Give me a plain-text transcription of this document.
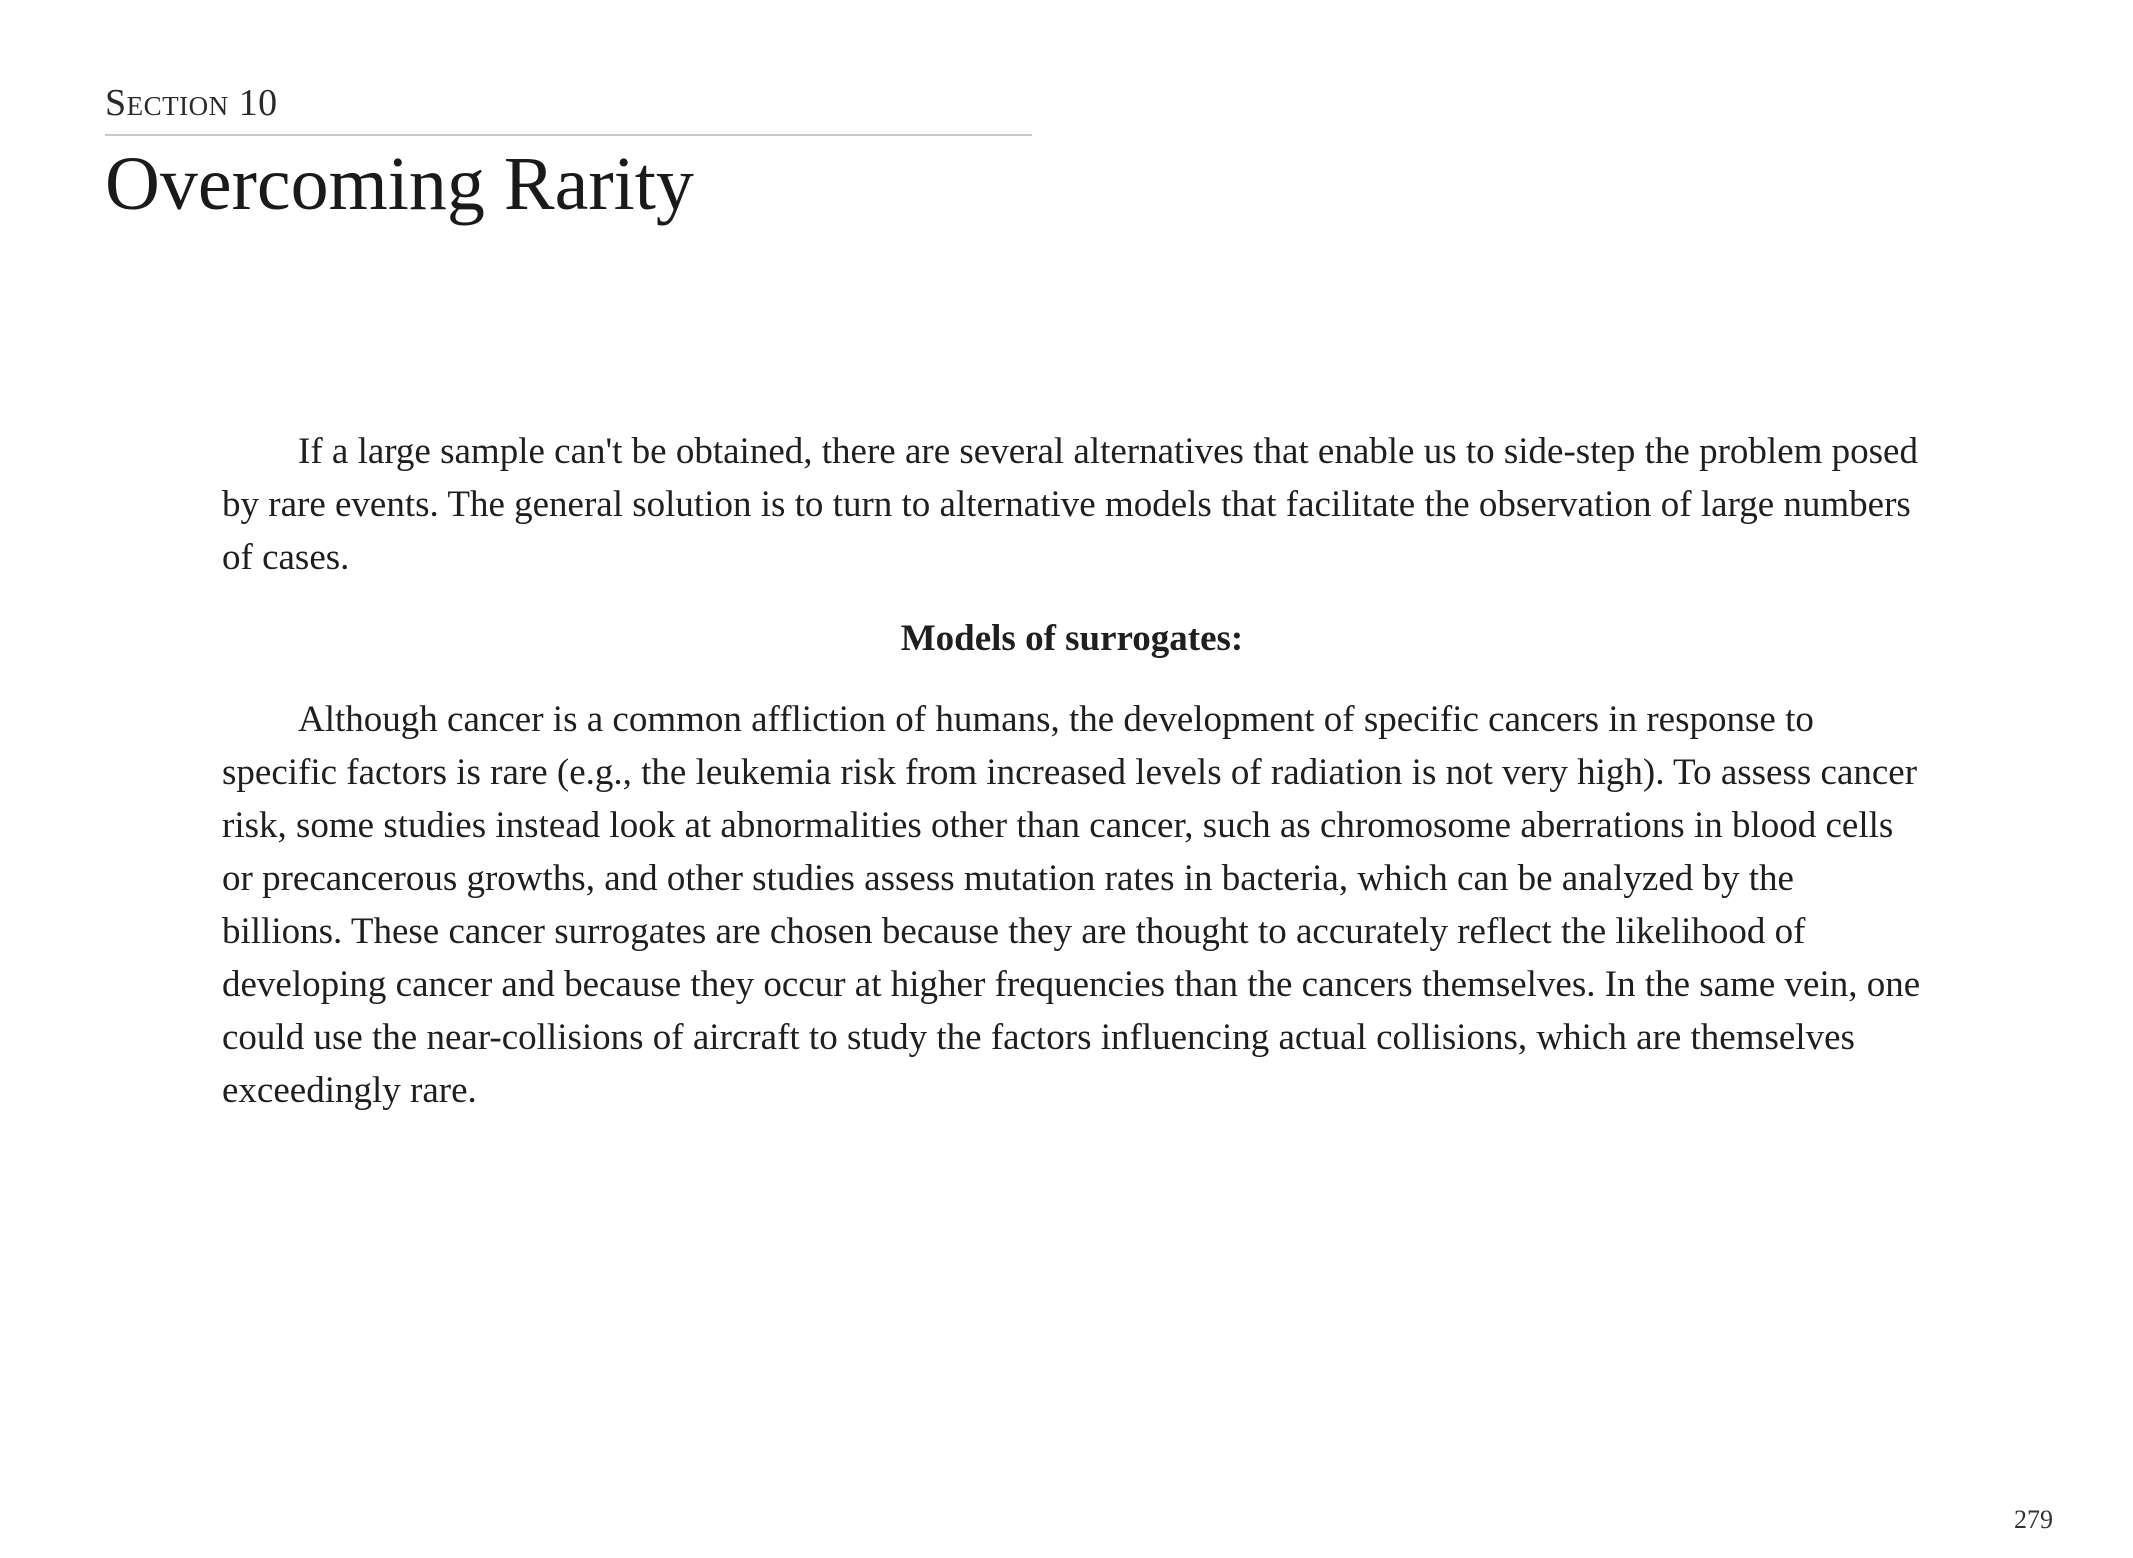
Section 10
Overcoming Rarity

If a large sample can't be obtained, there are several alternatives that enable us to side-step the problem posed by rare events. The general solution is to turn to alternative models that facilitate the observation of large numbers of cases.

Models of surrogates:

Although cancer is a common affliction of humans, the development of specific cancers in response to specific factors is rare (e.g., the leukemia risk from increased levels of radiation is not very high). To assess cancer risk, some studies instead look at abnormalities other than cancer, such as chromosome aberrations in blood cells or precancerous growths, and other studies assess mutation rates in bacteria, which can be analyzed by the billions. These cancer surrogates are chosen because they are thought to accurately reflect the likelihood of developing cancer and because they occur at higher frequencies than the cancers themselves. In the same vein, one could use the near-collisions of aircraft to study the factors influencing actual collisions, which are themselves exceedingly rare.

279
